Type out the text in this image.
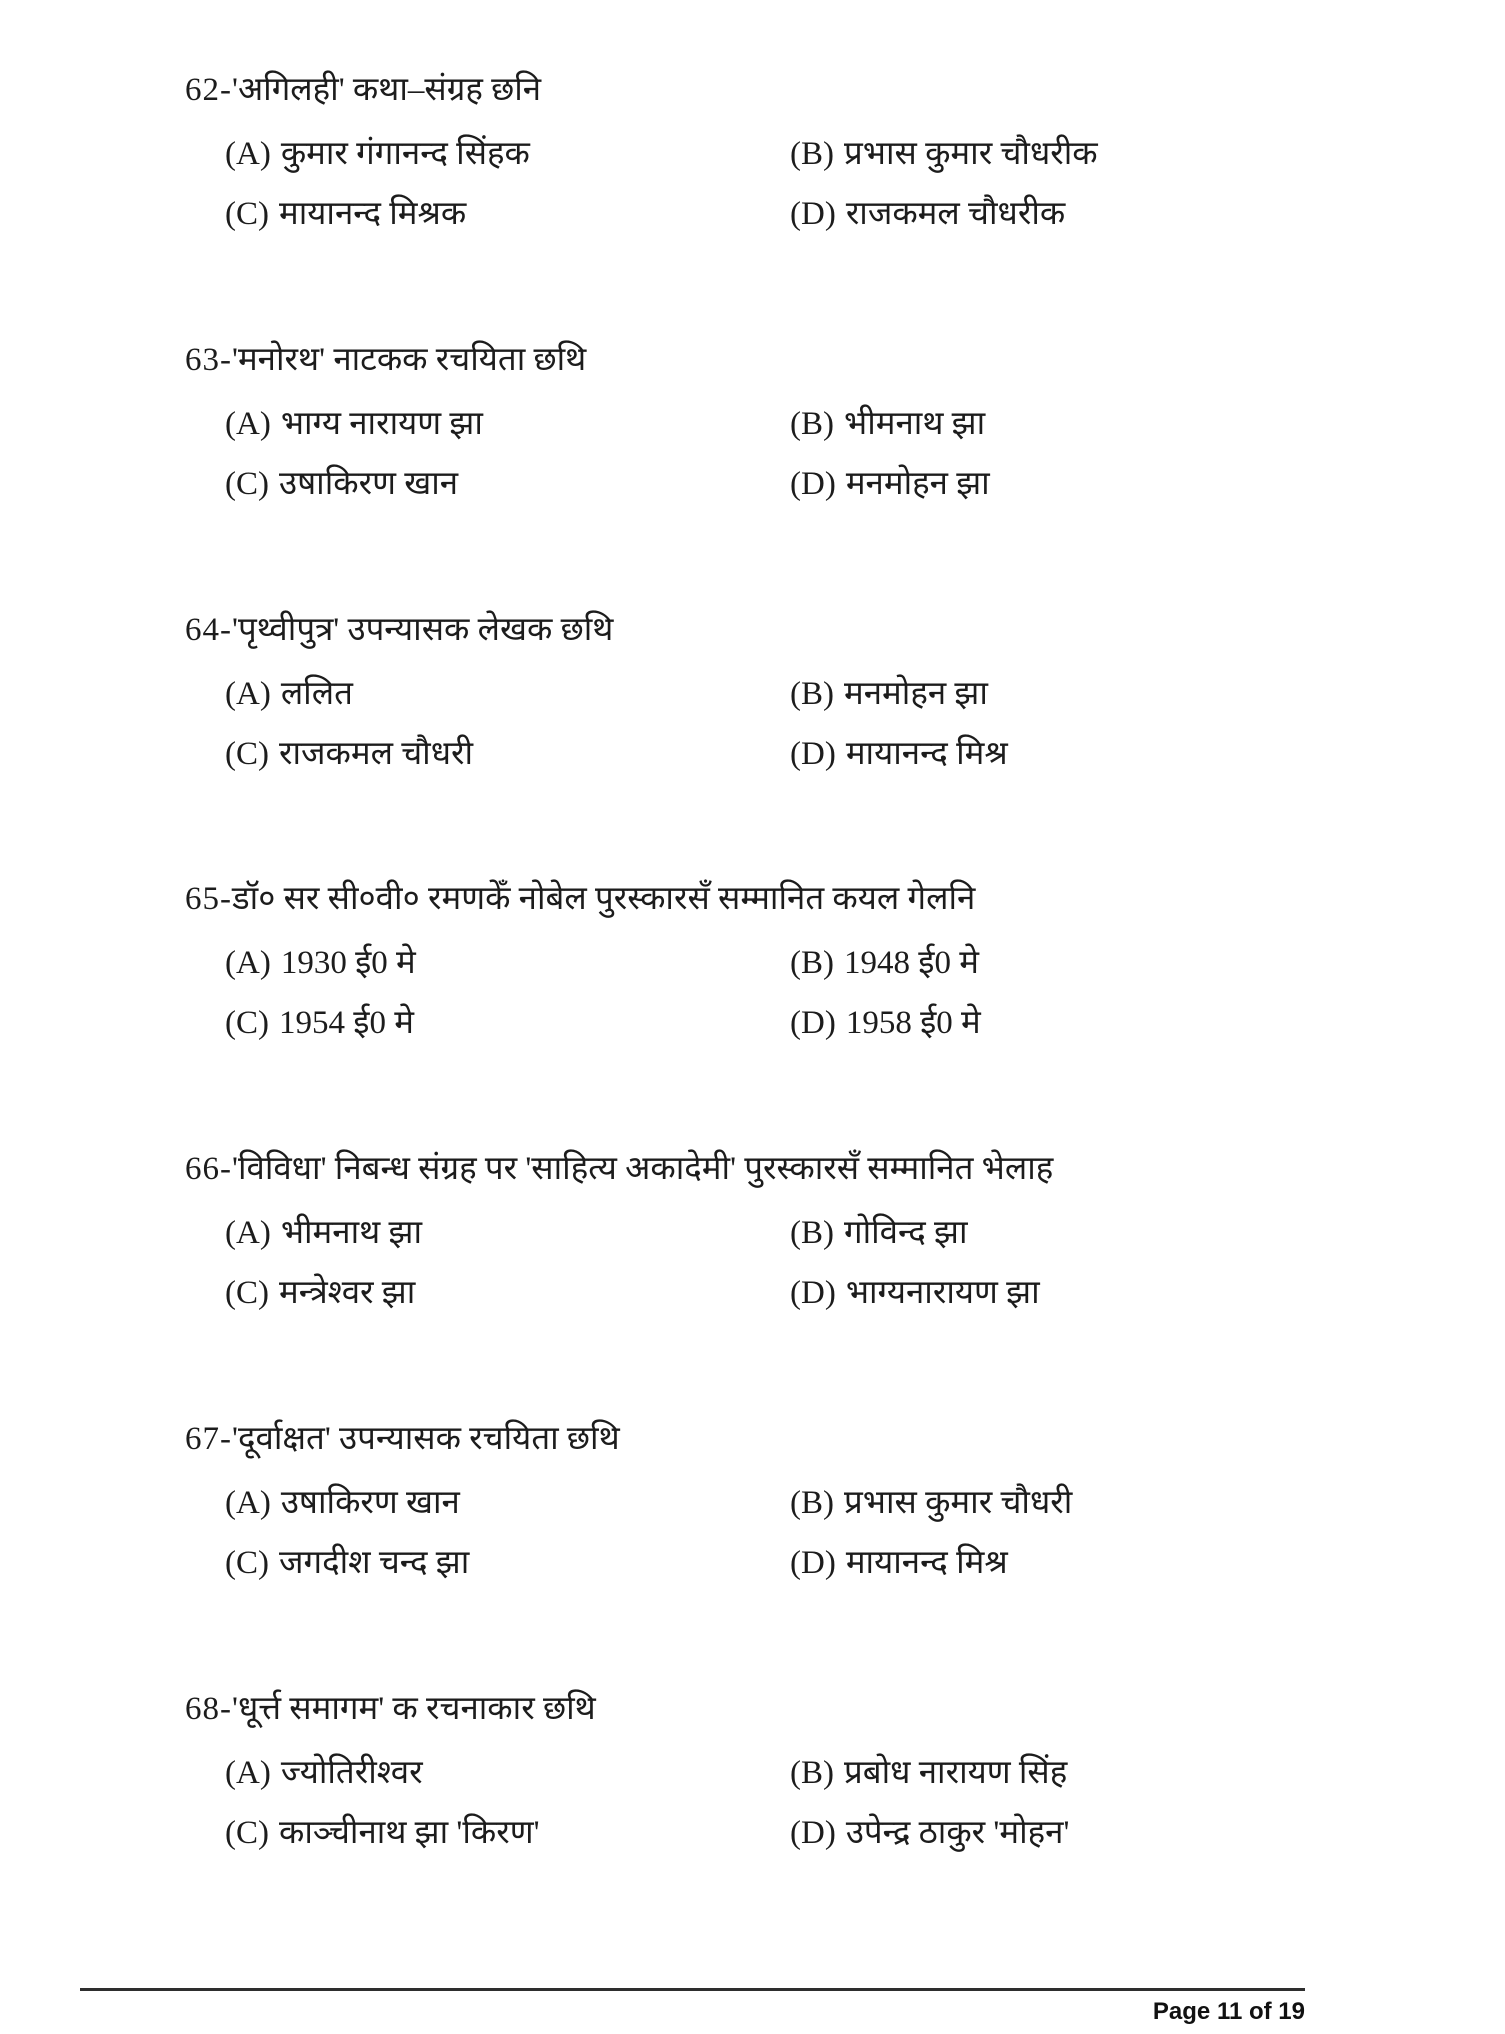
62-'अगिलही' कथा–संग्रह छनि
(A) कुमार गंगानन्द सिंहक	(B) प्रभास कुमार चौधरीक
(C) मायानन्द मिश्रक	(D) राजकमल चौधरीक
63-'मनोरथ' नाटकक रचयिता छथि
(A) भाग्य नारायण झा	(B) भीमनाथ झा
(C) उषाकिरण खान	(D) मनमोहन झा
64-'पृथ्वीपुत्र' उपन्यासक लेखक छथि
(A) ललित	(B) मनमोहन झा
(C) राजकमल चौधरी	(D) मायानन्द मिश्र
65-डॉ० सर सी०वी० रमणकेँ नोबेल पुरस्कारसँ सम्मानित कयल गेलनि
(A) 1930 ई0 मे	(B) 1948 ई0 मे
(C) 1954 ई0 मे	(D) 1958 ई0 मे
66-'विविधा' निबन्ध संग्रह पर 'साहित्य अकादेमी' पुरस्कारसँ सम्मानित भेलाह
(A) भीमनाथ झा	(B) गोविन्द झा
(C) मन्त्रेश्वर झा	(D) भाग्यनारायण झा
67-'दूर्वाक्षत' उपन्यासक रचयिता छथि
(A) उषाकिरण खान	(B) प्रभास कुमार चौधरी
(C) जगदीश चन्द झा	(D) मायानन्द मिश्र
68-'धूर्त्त समागम' क रचनाकार छथि
(A) ज्योतिरीश्वर	(B) प्रबोध नारायण सिंह
(C) काञ्चीनाथ झा 'किरण'	(D) उपेन्द्र ठाकुर 'मोहन'
Page 11 of 19
